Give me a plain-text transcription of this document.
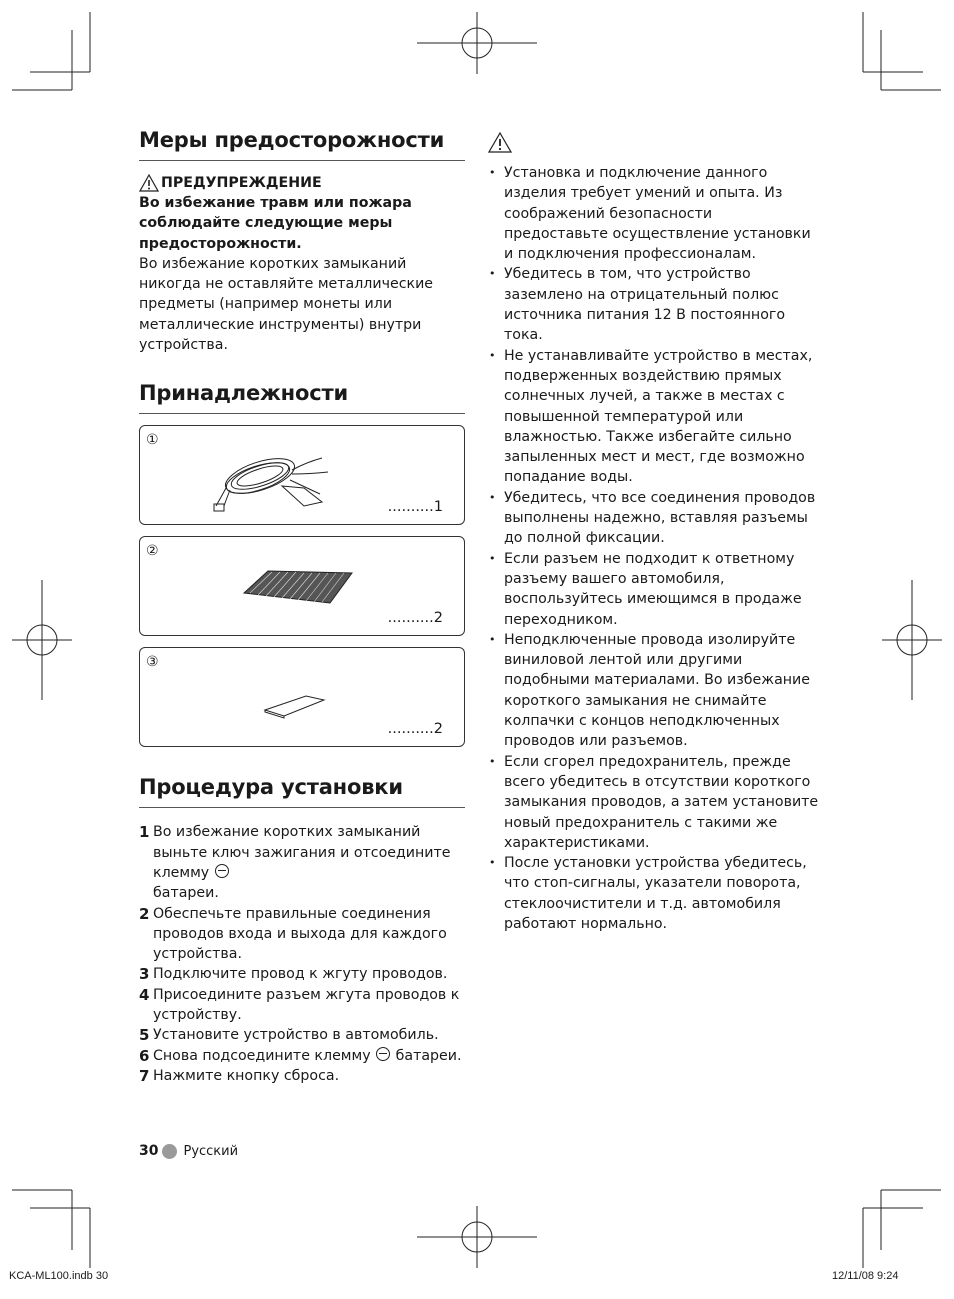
Меры предосторожности
ПРЕДУПРЕЖДЕНИЕ
Во избежание травм или пожара соблюдайте следующие меры предосторожности.
Во избежание коротких замыканий никогда не оставляйте металлические предметы (например монеты или металлические инструменты) внутри устройства.
Принадлежности
①
..........1
②
..........2
③
..........2
Процедура установки
1 Во избежание коротких замыканий выньте ключ зажигания и отсоедините клемму
батареи.
2 Обеспечьте правильные соединения проводов входа и выхода для каждого устройства.
3 Подключите провод к жгуту проводов.
4 Присоедините разъем жгута проводов к устройству.
5 Установите устройство в автомобиль.
6 Снова подсоедините клемму батареи.
7 Нажмите кнопку сброса.
• Установка и подключение данного изделия требует умений и опыта. Из соображений безопасности предоставьте осуществление установки и подключения профессионалам.
• Убедитесь в том, что устройство заземлено на отрицательный полюс источника питания 12 В постоянного тока.
• Не устанавливайте устройство в местах, подверженных воздействию прямых солнечных лучей, а также в местах с повышенной температурой или влажностью. Также избегайте сильно запыленных мест и мест, где возможно попадание воды.
• Убедитесь, что все соединения проводов выполнены надежно, вставляя разъемы до полной фиксации.
• Если разъем не подходит к ответному разъему вашего автомобиля, воспользуйтесь имеющимся в продаже переходником.
• Неподключенные провода изолируйте виниловой лентой или другими подобными материалами. Во избежание короткого замыкания не снимайте колпачки с концов неподключенных проводов или разъемов.
• Если сгорел предохранитель, прежде всего убедитесь в отсутствии короткого замыкания проводов, а затем установите новый предохранитель с такими же характеристиками.
• После установки устройства убедитесь, что стоп-сигналы, указатели поворота, стеклоочистители и т.д. автомобиля работают нормально.
30 Русский
KCA-ML100.indb 30	12/11/08 9:24
